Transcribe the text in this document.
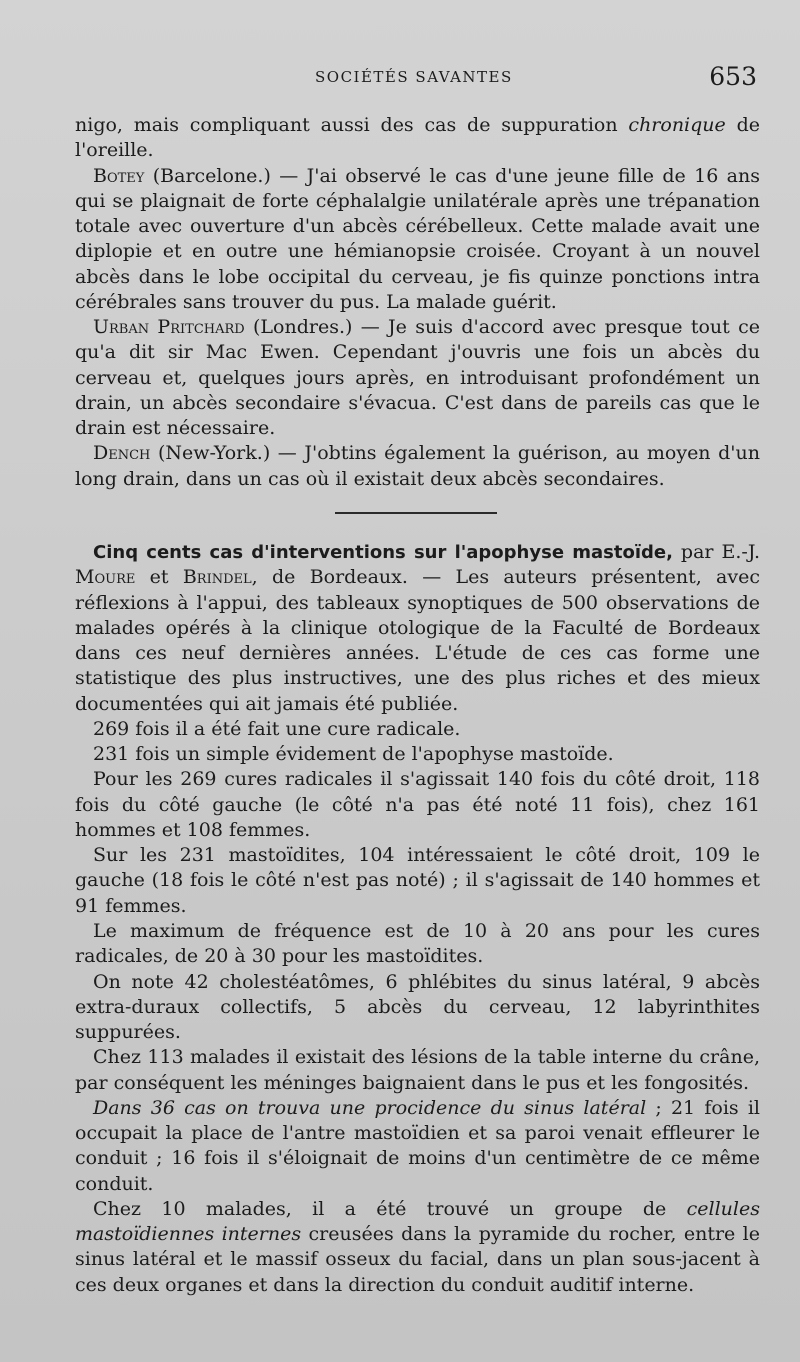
SOCIÉTÉS SAVANTES	653

nigo, mais compliquant aussi des cas de suppuration chronique de l'oreille.

Botey (Barcelone.) — J'ai observé le cas d'une jeune fille de 16 ans qui se plaignait de forte céphalalgie unilatérale après une trépanation totale avec ouverture d'un abcès cérébelleux. Cette malade avait une diplopie et en outre une hémianopsie croisée. Croyant à un nouvel abcès dans le lobe occipital du cerveau, je fis quinze ponctions intra cérébrales sans trouver du pus. La malade guérit.

Urban Pritchard (Londres.) — Je suis d'accord avec presque tout ce qu'a dit sir Mac Ewen. Cependant j'ouvris une fois un abcès du cerveau et, quelques jours après, en introduisant profondément un drain, un abcès secondaire s'évacua. C'est dans de pareils cas que le drain est nécessaire.

Dench (New-York.) — J'obtins également la guérison, au moyen d'un long drain, dans un cas où il existait deux abcès secondaires.

Cinq cents cas d'interventions sur l'apophyse mastoïde, par E.-J. Moure et Brindel, de Bordeaux. — Les auteurs présentent, avec réflexions à l'appui, des tableaux synoptiques de 500 observations de malades opérés à la clinique otologique de la Faculté de Bordeaux dans ces neuf dernières années. L'étude de ces cas forme une statistique des plus instructives, une des plus riches et des mieux documentées qui ait jamais été publiée.

269 fois il a été fait une cure radicale.

231 fois un simple évidement de l'apophyse mastoïde.

Pour les 269 cures radicales il s'agissait 140 fois du côté droit, 118 fois du côté gauche (le côté n'a pas été noté 11 fois), chez 161 hommes et 108 femmes.

Sur les 231 mastoïdites, 104 intéressaient le côté droit, 109 le gauche (18 fois le côté n'est pas noté) ; il s'agissait de 140 hommes et 91 femmes.

Le maximum de fréquence est de 10 à 20 ans pour les cures radicales, de 20 à 30 pour les mastoïdites.

On note 42 cholestéatômes, 6 phlébites du sinus latéral, 9 abcès extra-duraux collectifs, 5 abcès du cerveau, 12 labyrinthites suppurées.

Chez 113 malades il existait des lésions de la table interne du crâne, par conséquent les méninges baignaient dans le pus et les fongosités.

Dans 36 cas on trouva une procidence du sinus latéral ; 21 fois il occupait la place de l'antre mastoïdien et sa paroi venait effleurer le conduit ; 16 fois il s'éloignait de moins d'un centimètre de ce même conduit.

Chez 10 malades, il a été trouvé un groupe de cellules mastoïdiennes internes creusées dans la pyramide du rocher, entre le sinus latéral et le massif osseux du facial, dans un plan sous-jacent à ces deux organes et dans la direction du conduit auditif interne.
